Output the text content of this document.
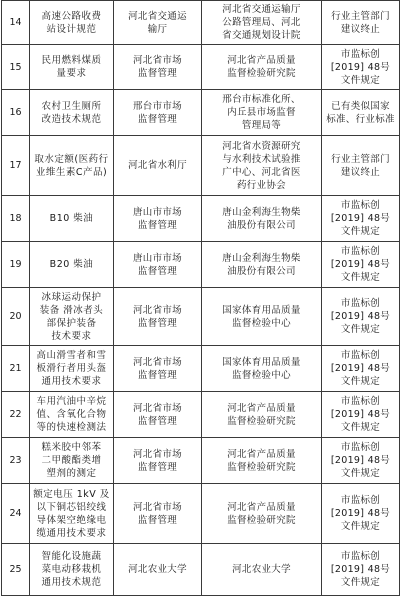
14	高速公路收费
站设计规范	河北省交通运
输厅	河北省交通运输厅
公路管理局、河北
省交通规划设计院	行业主管部门
建议终止

15	民用燃料煤质
量要求	河北省市场
监督管理	河北省产品质量
监督检验研究院	市监标创
[2019] 48号
文件规定

16	农村卫生厕所
改造技术规范	邢台市市场
监督管理	邢台市标准化所、
内丘县市场监督
管理局等	已有类似国家
标准、行业标准

17	取水定额(医药行
业维生素C产品)	河北省水利厅	河北省水资源研究
与水利技术试验推
广中心、河北省医
药行业协会	行业主管部门
建议终止

18	B10 柴油	唐山市市场
监督管理	唐山金利海生物柴
油股份有限公司	市监标创
[2019] 48号
文件规定

19	B20 柴油	唐山市市场
监督管理	唐山金利海生物柴
油股份有限公司	市监标创
[2019] 48号
文件规定

20	冰球运动保护
装备 滑冰者头
部保护装备
技术要求	河北省市场
监督管理	国家体育用品质量
监督检验中心	市监标创
[2019] 48号
文件规定

21	高山滑雪者和雪
板滑行者用头盔
通用技术要求	河北省市场
监督管理	国家体育用品质量
监督检验中心	市监标创
[2019] 48号
文件规定

22	车用汽油中辛烷
值、含氧化合物
等的快速检测法	河北省市场
监督管理	河北省产品质量
监督检验研究院	市监标创
[2019] 48号
文件规定

23	糕米胶中邻苯
二甲酸酯类增
塑剂的测定	河北省市场
监督管理	河北省产品质量
监督检验研究院	市监标创
[2019] 48号
文件规定

24	额定电压 1kV 及
以下铜芯铝绞线
导体架空绝缘电
缆通用技术要求	河北省市场
监督管理	河北省产品质量
监督检验研究院	市监标创
[2019] 48号
文件规定

25	智能化设施蔬
菜电动移栽机
通用技术规范	河北农业大学	河北农业大学	市监标创
[2019] 48号
文件规定
